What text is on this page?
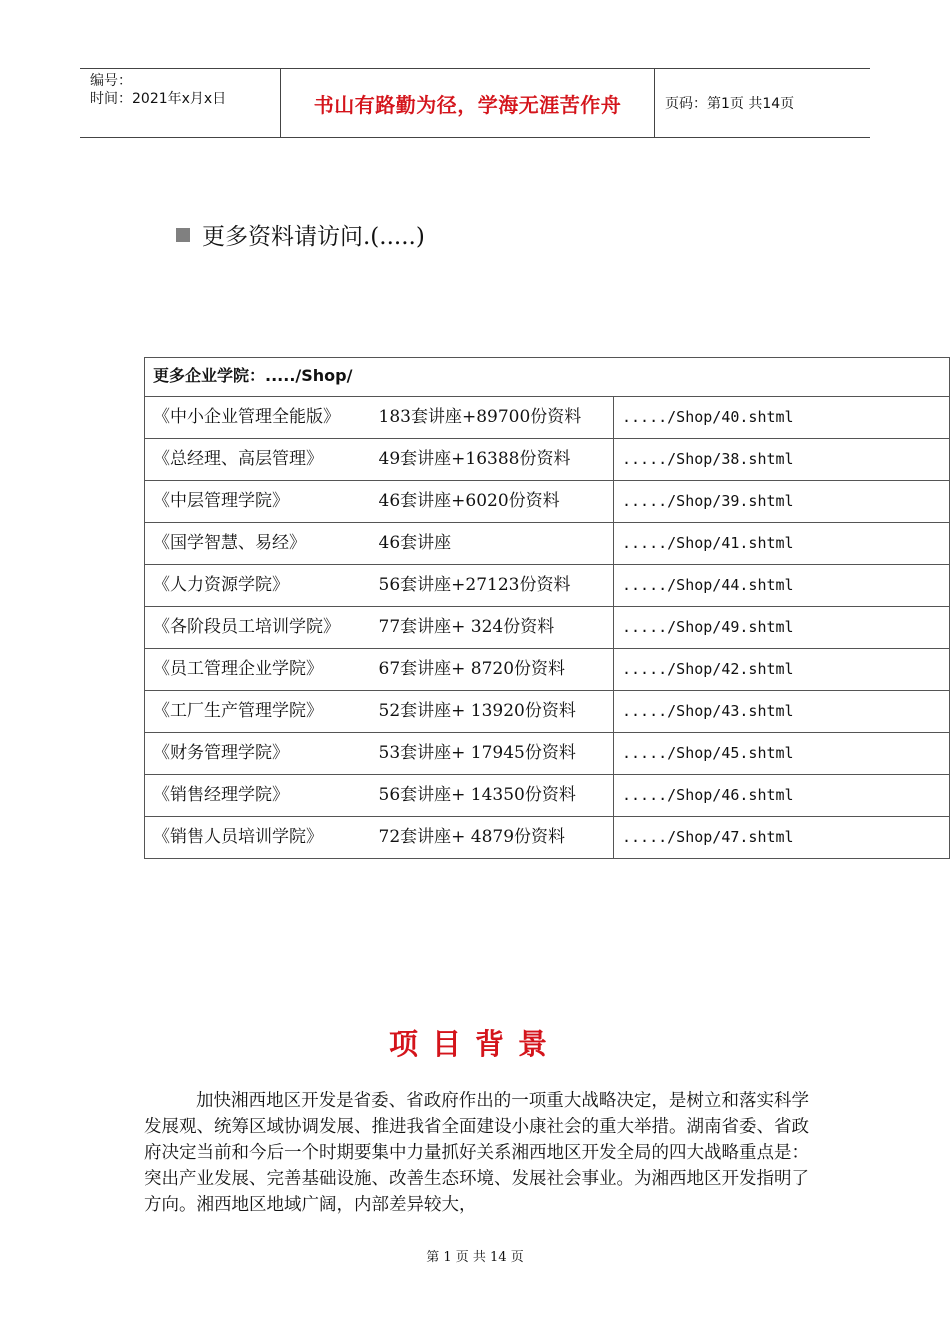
编号：
时间：2021年x月x日	书山有路勤为径，学海无涯苦作舟	页码：第1页 共14页
更多资料请访问.(.....)
更多企业学院：...../Shop/		
《中小企业管理全能版》	183套讲座+89700份资料	...../Shop/40.shtml
《总经理、高层管理》	49套讲座+16388份资料	...../Shop/38.shtml
《中层管理学院》	46套讲座+6020份资料	...../Shop/39.shtml
《国学智慧、易经》	46套讲座	...../Shop/41.shtml
《人力资源学院》	56套讲座+27123份资料	...../Shop/44.shtml
《各阶段员工培训学院》	77套讲座+ 324份资料	...../Shop/49.shtml
《员工管理企业学院》	67套讲座+ 8720份资料	...../Shop/42.shtml
《工厂生产管理学院》	52套讲座+ 13920份资料	...../Shop/43.shtml
《财务管理学院》	53套讲座+ 17945份资料	...../Shop/45.shtml
《销售经理学院》	56套讲座+ 14350份资料	...../Shop/46.shtml
《销售人员培训学院》	72套讲座+ 4879份资料	...../Shop/47.shtml
项目背景
加快湘西地区开发是省委、省政府作出的一项重大战略决定，是树立和落实科学发展观、统筹区域协调发展、推进我省全面建设小康社会的重大举措。湖南省委、省政府决定当前和今后一个时期要集中力量抓好关系湘西地区开发全局的四大战略重点是：突出产业发展、完善基础设施、改善生态环境、发展社会事业。为湘西地区开发指明了方向。湘西地区地域广阔，内部差异较大，
第 1 页 共 14 页
